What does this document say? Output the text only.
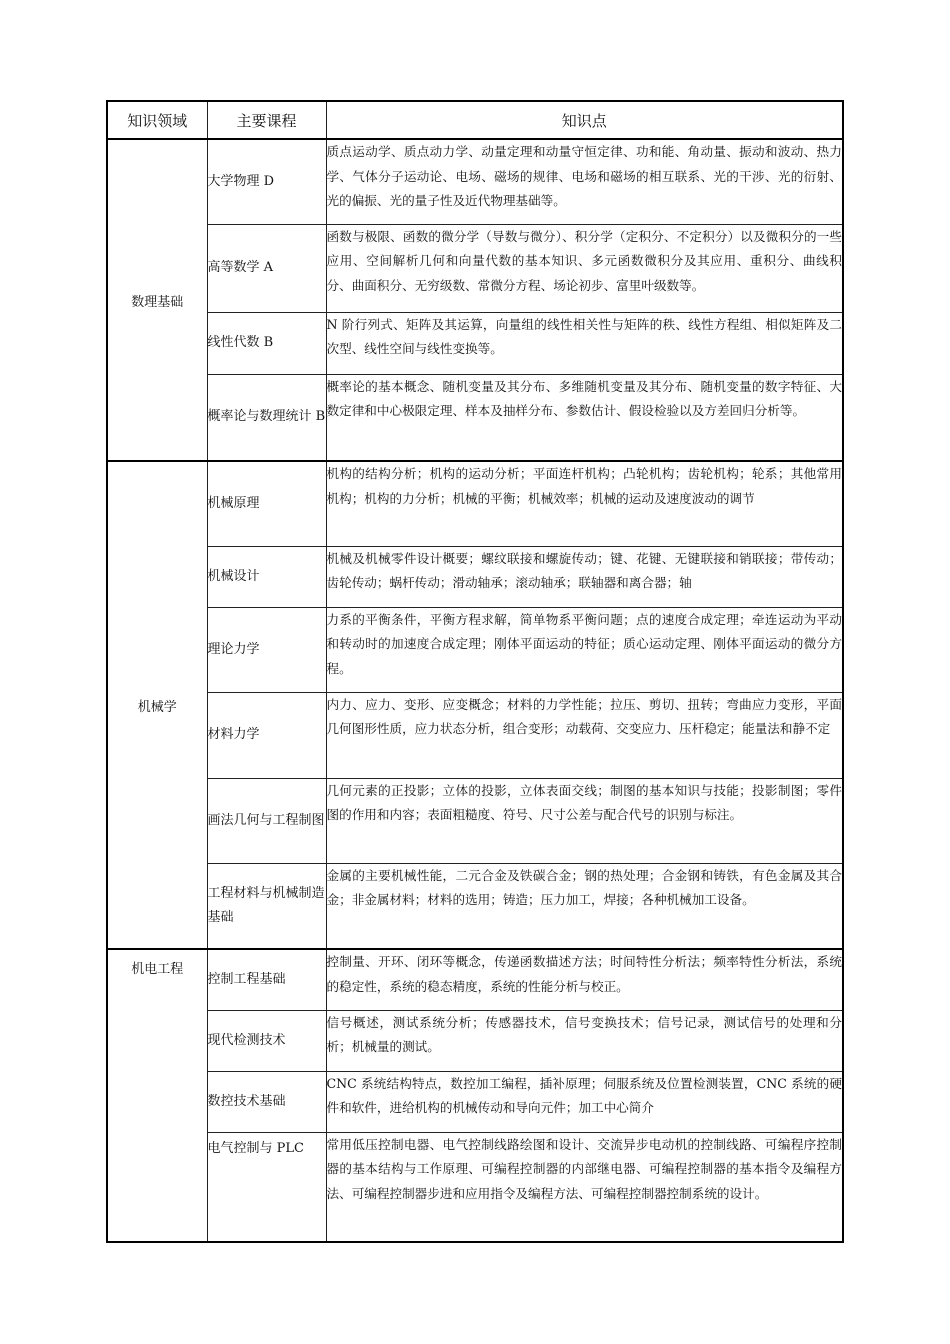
知识领域	主要课程	知识点
数理基础	大学物理 D	质点运动学、质点动力学、动量定理和动量守恒定律、功和能、角动量、振动和波动、热力学、气体分子运动论、电场、磁场的规律、电场和磁场的相互联系、光的干涉、光的衍射、光的偏振、光的量子性及近代物理基础等。
	高等数学 A	函数与极限、函数的微分学（导数与微分）、积分学（定积分、不定积分）以及微积分的一些应用、空间解析几何和向量代数的基本知识、多元函数微积分及其应用、重积分、曲线积分、曲面积分、无穷级数、常微分方程、场论初步、富里叶级数等。
	线性代数 B	N 阶行列式、矩阵及其运算，向量组的线性相关性与矩阵的秩、线性方程组、相似矩阵及二次型、线性空间与线性变换等。
	概率论与数理统计 B	概率论的基本概念、随机变量及其分布、多维随机变量及其分布、随机变量的数字特征、大数定律和中心极限定理、样本及抽样分布、参数估计、假设检验以及方差回归分析等。
机械学	机械原理	机构的结构分析；机构的运动分析；平面连杆机构；凸轮机构；齿轮机构；轮系；其他常用机构；机构的力分析；机械的平衡；机械效率；机械的运动及速度波动的调节
	机械设计	机械及机械零件设计概要；螺纹联接和螺旋传动；键、花键、无键联接和销联接；带传动；齿轮传动；蜗杆传动；滑动轴承；滚动轴承；联轴器和离合器；轴
	理论力学	力系的平衡条件，平衡方程求解，简单物系平衡问题；点的速度合成定理；牵连运动为平动和转动时的加速度合成定理；刚体平面运动的特征；质心运动定理、刚体平面运动的微分方程。
	材料力学	内力、应力、变形、应变概念；材料的力学性能；拉压、剪切、扭转；弯曲应力变形，平面几何图形性质，应力状态分析，组合变形；动载荷、交变应力、压杆稳定；能量法和静不定
	画法几何与工程制图	几何元素的正投影；立体的投影，立体表面交线；制图的基本知识与技能；投影制图；零件图的作用和内容；表面粗糙度、符号、尺寸公差与配合代号的识别与标注。
	工程材料与机械制造基础	金属的主要机械性能，二元合金及铁碳合金；钢的热处理；合金钢和铸铁，有色金属及其合金；非金属材料；材料的选用；铸造；压力加工，焊接；各种机械加工设备。
机电工程	控制工程基础	控制量、开环、闭环等概念，传递函数描述方法；时间特性分析法；频率特性分析法，系统的稳定性，系统的稳态精度，系统的性能分析与校正。
	现代检测技术	信号概述，测试系统分析；传感器技术，信号变换技术；信号记录，测试信号的处理和分析；机械量的测试。
	数控技术基础	CNC 系统结构特点，数控加工编程，插补原理；伺服系统及位置检测装置，CNC 系统的硬件和软件，进给机构的机械传动和导向元件；加工中心简介
	电气控制与 PLC	常用低压控制电器、电气控制线路绘图和设计、交流异步电动机的控制线路、可编程序控制器的基本结构与工作原理、可编程控制器的内部继电器、可编程控制器的基本指令及编程方法、可编程控制器步进和应用指令及编程方法、可编程控制器控制系统的设计。
